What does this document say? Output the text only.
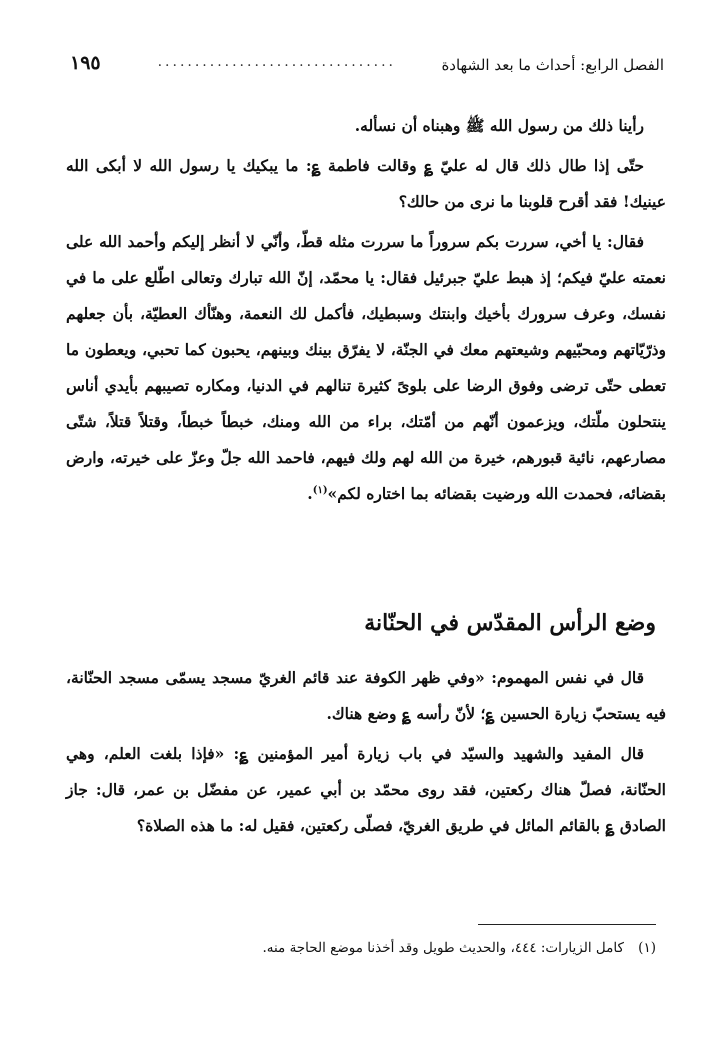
الفصل الرابع: أحداث ما بعد الشهادة
................................
١٩٥

رأينا ذلك من رسول الله ﷺ وهبناه أن نسأله.

حتّى إذا طال ذلك قال له عليّ ؏ وقالت فاطمة ؏: ما يبكيك يا رسول الله لا أبكى الله عينيك! فقد أقرح قلوبنا ما نرى من حالك؟

فقال: يا أخي، سررت بكم سروراً ما سررت مثله قطّ، وأنّي لا أنظر إليكم وأحمد الله على نعمته عليّ فيكم؛ إذ هبط عليّ جبرئيل فقال: يا محمّد، إنّ الله تبارك وتعالى اطّلع على ما في نفسك، وعرف سرورك بأخيك وابنتك وسبطيك، فأكمل لك النعمة، وهنّأك العطيّة، بأن جعلهم وذرّيّاتهم ومحبّيهم وشيعتهم معك في الجنّة، لا يفرّق بينك وبينهم، يحبون كما تحبي، ويعطون ما تعطى حتّى ترضى وفوق الرضا على بلوىً كثيرة تنالهم في الدنيا، ومكاره تصيبهم بأيدي أناس ينتحلون ملّتك، ويزعمون أنّهم من أمّتك، براء من الله ومنك، خبطاً خبطاً، وقتلاً قتلاً، شتّى مصارعهم، نائية قبورهم، خيرة من الله لهم ولك فيهم، فاحمد الله جلّ وعزّ على خيرته، وارض بقضائه، فحمدت الله ورضيت بقضائه بما اختاره لكم»$^{(١)}$.

وضع الرأس المقدّس في الحنّانة

قال في نفس المهموم: «وفي ظهر الكوفة عند قائم الغريّ مسجد يسمّى مسجد الحنّانة، فيه يستحبّ زيارة الحسين ؏؛ لأنّ رأسه ؏ وضع هناك.

قال المفيد والشهيد والسيّد في باب زيارة أمير المؤمنين ؏: «فإذا بلغت العلم، وهي الحنّانة، فصلّ هناك ركعتين، فقد روى محمّد بن أبي عمير، عن مفضّل بن عمر، قال: جاز الصادق ؏ بالقائم المائل في طريق الغريّ، فصلّى ركعتين، فقيل له: ما هذه الصلاة؟

(١) كامل الزيارات: ٤٤٤، والحديث طويل وقد أخذنا موضع الحاجة منه.
